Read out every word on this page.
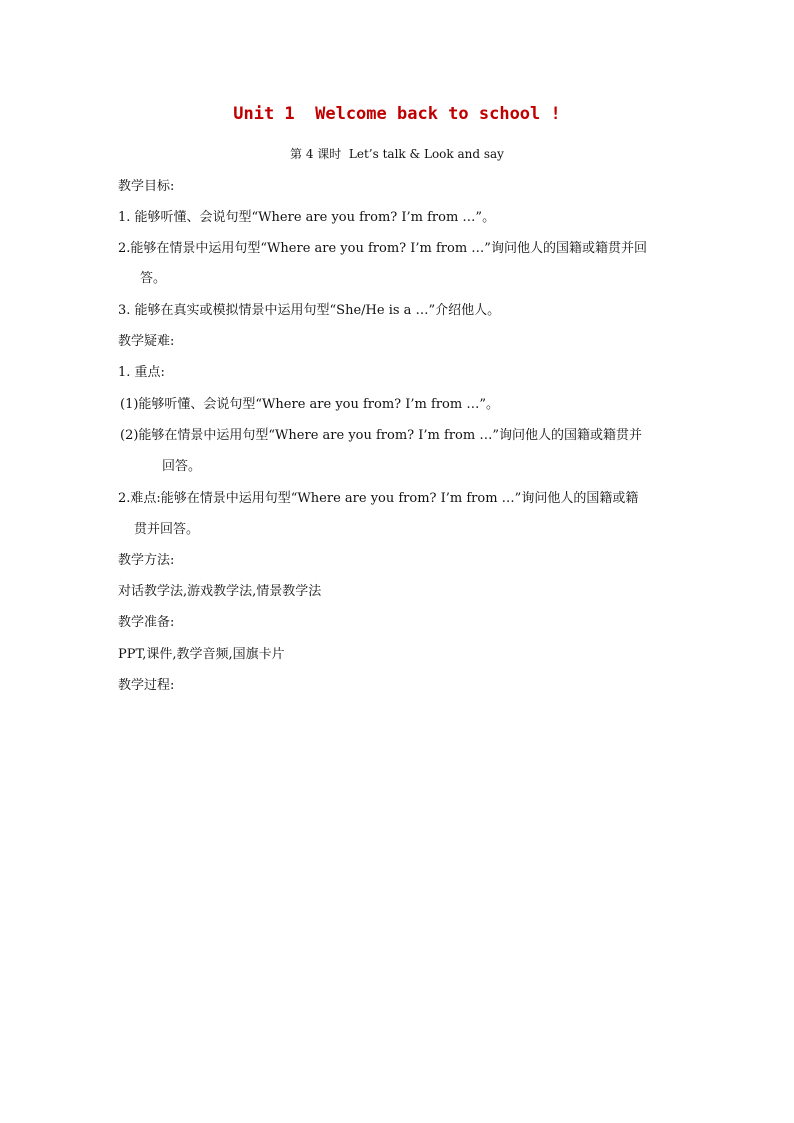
Unit 1  Welcome back to school !
第 4 课时  Let’s talk & Look and say
教学目标:
1. 能够听懂、会说句型“Where are you from? I’m from …”。
2.能够在情景中运用句型“Where are you from? I’m from …”询问他人的国籍或籍贯并回
答。
3. 能够在真实或模拟情景中运用句型“She/He is a …”介绍他人。
教学疑难:
1. 重点:
(1)能够听懂、会说句型“Where are you from? I’m from …”。
(2)能够在情景中运用句型“Where are you from? I’m from …”询问他人的国籍或籍贯并
回答。
2.难点:能够在情景中运用句型“Where are you from? I’m from …”询问他人的国籍或籍
贯并回答。
教学方法:
对话教学法,游戏教学法,情景教学法
教学准备:
PPT,课件,教学音频,国旗卡片
教学过程:
